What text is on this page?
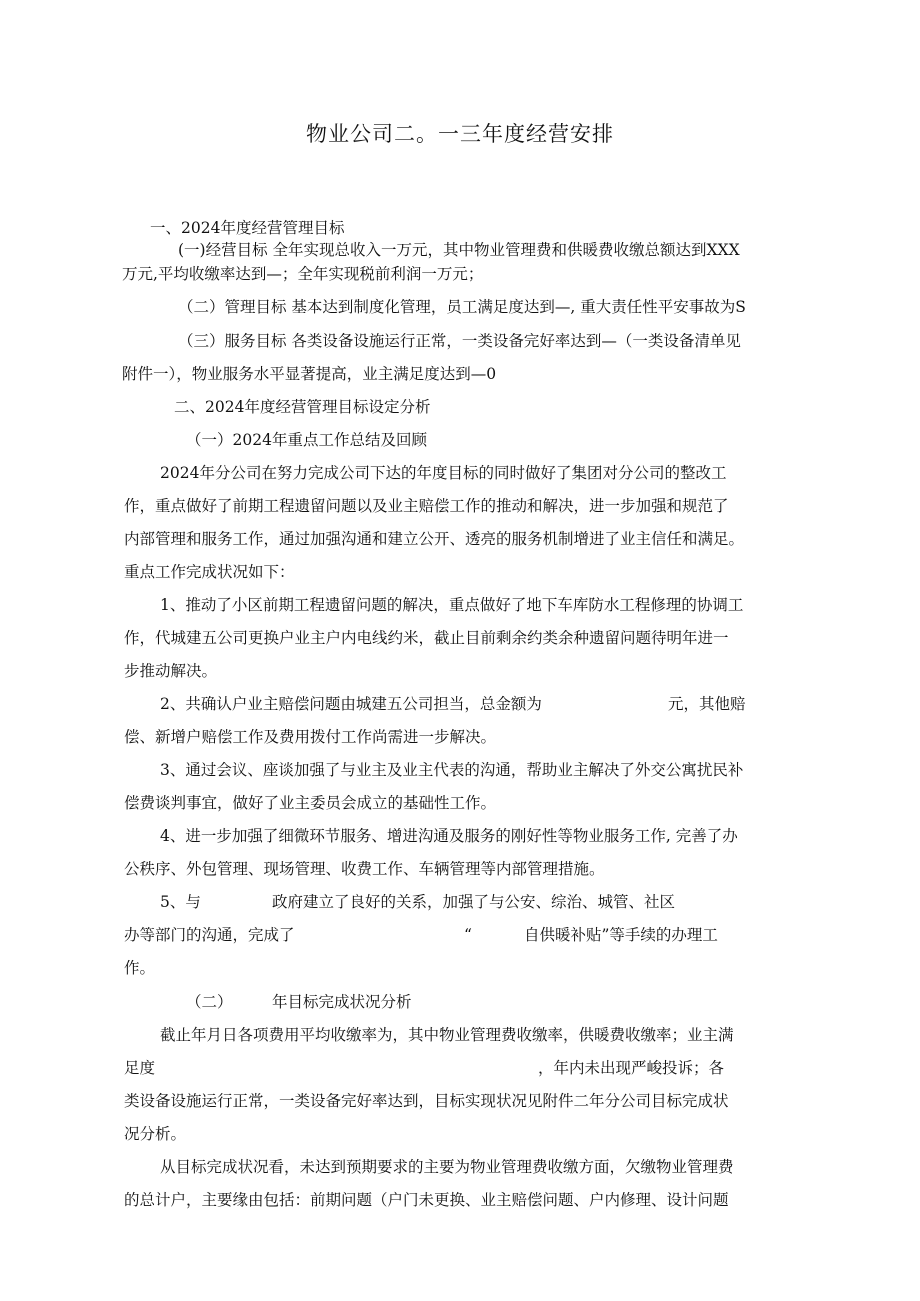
物业公司二。一三年度经营安排
一、2024年度经营管理目标
(一)经营目标 全年实现总收入一万元，其中物业管理费和供暖费收缴总额达到XXX
万元,平均收缴率达到—；全年实现税前利润一万元；
（二）管理目标 基本达到制度化管理，员工满足度达到—, 重大责任性平安事故为S
（三）服务目标 各类设备设施运行正常，一类设备完好率达到—（一类设备清单见
附件一），物业服务水平显著提高，业主满足度达到—0
二、2024年度经营管理目标设定分析
（一）2024年重点工作总结及回顾
2024年分公司在努力完成公司下达的年度目标的同时做好了集团对分公司的整改工
作，重点做好了前期工程遗留问题以及业主赔偿工作的推动和解决，进一步加强和规范了
内部管理和服务工作，通过加强沟通和建立公开、透亮的服务机制增进了业主信任和满足。
重点工作完成状况如下：
1、推动了小区前期工程遗留问题的解决，重点做好了地下车库防水工程修理的协调工
作，代城建五公司更换户业主户内电线约米，截止目前剩余约类余种遗留问题待明年进一
步推动解决。
2、共确认户业主赔偿问题由城建五公司担当，总金额为	元，其他赔
偿、新增户赔偿工作及费用拨付工作尚需进一步解决。
3、通过会议、座谈加强了与业主及业主代表的沟通，帮助业主解决了外交公寓扰民补
偿费谈判事宜，做好了业主委员会成立的基础性工作。
4、进一步加强了细微环节服务、增进沟通及服务的刚好性等物业服务工作, 完善了办
公秩序、外包管理、现场管理、收费工作、车辆管理等内部管理措施。
5、与	政府建立了良好的关系，加强了与公安、综治、城管、社区
办等部门的沟通，完成了	“	自供暖补贴”等手续的办理工
作。
（二）	年目标完成状况分析
截止年月日各项费用平均收缴率为，其中物业管理费收缴率，供暖费收缴率；业主满
足度	，年内未出现严峻投诉；各
类设备设施运行正常，一类设备完好率达到，目标实现状况见附件二年分公司目标完成状
况分析。
从目标完成状况看，未达到预期要求的主要为物业管理费收缴方面，欠缴物业管理费
的总计户，主要缘由包括：前期问题（户门未更换、业主赔偿问题、户内修理、设计问题
